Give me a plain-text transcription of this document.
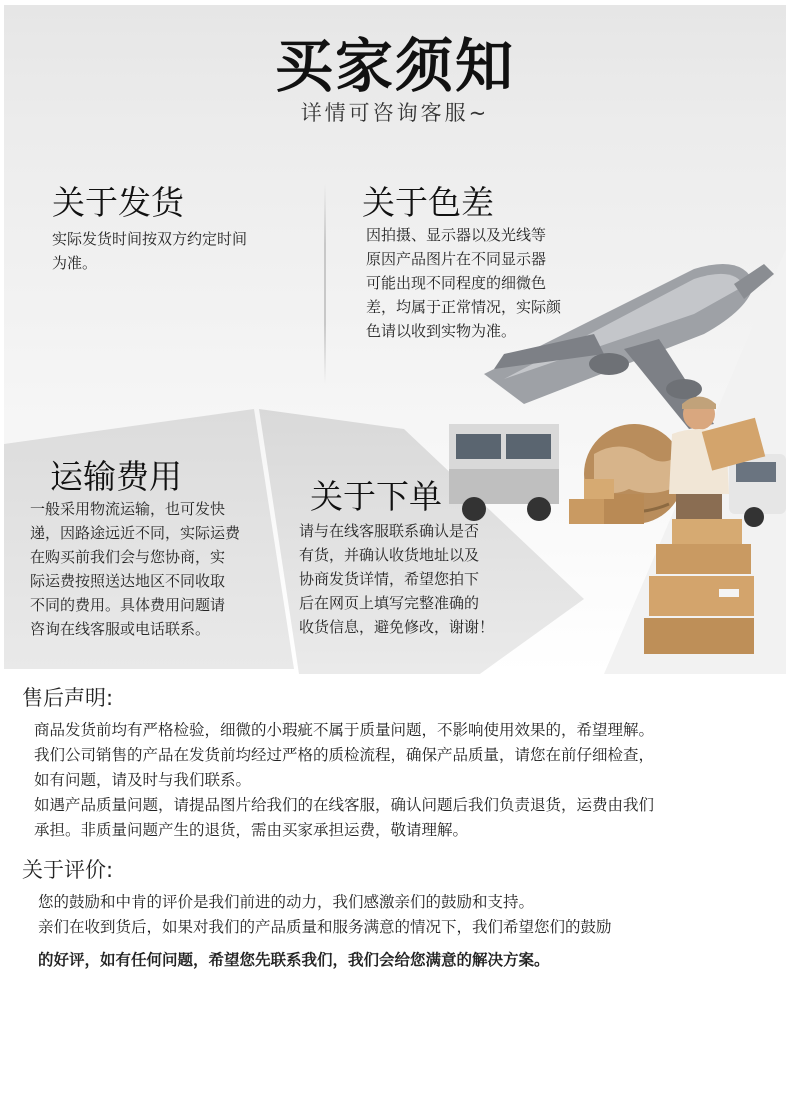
买家须知
详情可咨询客服~
关于发货
实际发货时间按双方约定时间
为准。
关于色差
因拍摄、显示器以及光线等
原因产品图片在不同显示器
可能出现不同程度的细微色
差，均属于正常情况，实际颜
色请以收到实物为准。
运输费用
一般采用物流运输，也可发快
递，因路途远近不同，实际运费
在购买前我们会与您协商，实
际运费按照送达地区不同收取
不同的费用。具体费用问题请
咨询在线客服或电话联系。
关于下单
请与在线客服联系确认是否
有货，并确认收货地址以及
协商发货详情，希望您拍下
后在网页上填写完整准确的
收货信息，避免修改，谢谢！
售后声明:
商品发货前均有严格检验，细微的小瑕疵不属于质量问题，不影响使用效果的，希望理解。
我们公司销售的产品在发货前均经过严格的质检流程，确保产品质量，请您在前仔细检查，
如有问题，请及时与我们联系。
如遇产品质量问题，请提品图片给我们的在线客服，确认问题后我们负责退货，运费由我们
承担。非质量问题产生的退货，需由买家承担运费，敬请理解。
关于评价:
您的鼓励和中肯的评价是我们前进的动力，我们感激亲们的鼓励和支持。
亲们在收到货后，如果对我们的产品质量和服务满意的情况下，我们希望您们的鼓励
的好评，如有任何问题，希望您先联系我们，我们会给您满意的解决方案。
